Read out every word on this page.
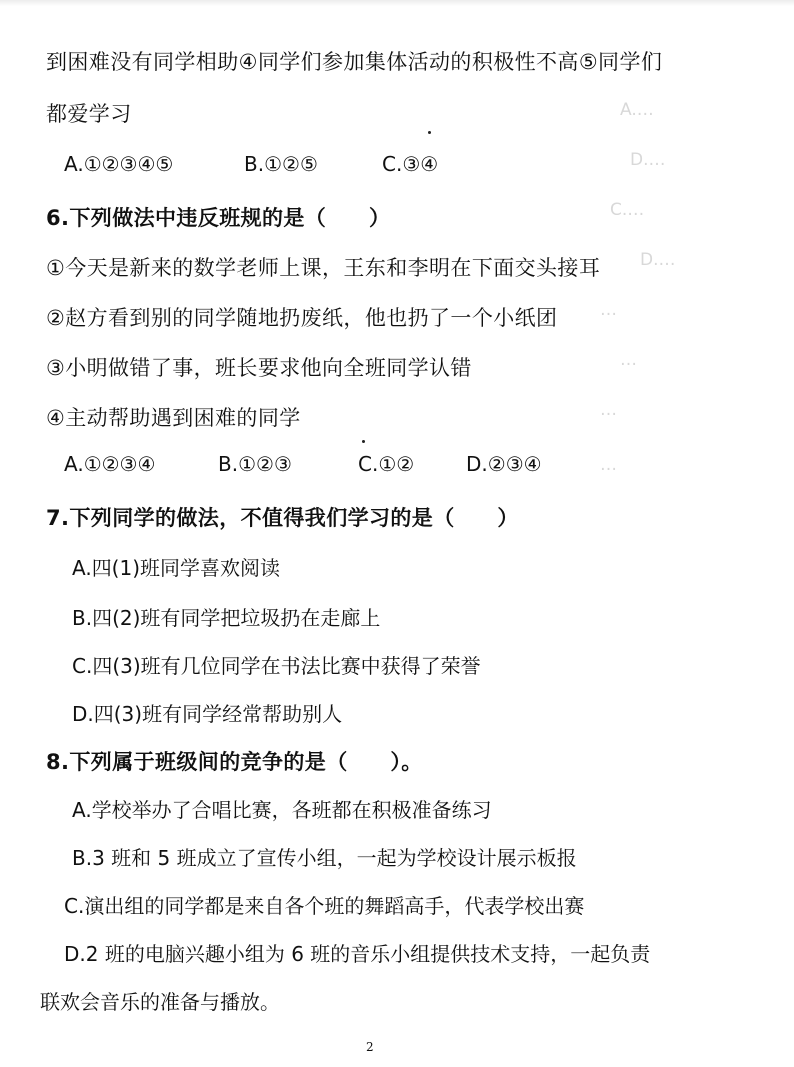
A.…
D.…
C.…
D.…
…
…
…
…
到困难没有同学相助④同学们参加集体活动的积极性不高⑤同学们
都爱学习
A.①②③④⑤	B.①②⑤	C.③④
6.下列做法中违反班规的是（　　）
①今天是新来的数学老师上课，王东和李明在下面交头接耳
②赵方看到别的同学随地扔废纸，他也扔了一个小纸团
③小明做错了事，班长要求他向全班同学认错
④主动帮助遇到困难的同学
A.①②③④	B.①②③	C.①②	D.②③④
7.下列同学的做法，不值得我们学习的是（　　）
A.四(1)班同学喜欢阅读
B.四(2)班有同学把垃圾扔在走廊上
C.四(3)班有几位同学在书法比赛中获得了荣誉
D.四(3)班有同学经常帮助别人
8.下列属于班级间的竞争的是（　　）。
A.学校举办了合唱比赛，各班都在积极准备练习
B.3 班和 5 班成立了宣传小组，一起为学校设计展示板报
C.演出组的同学都是来自各个班的舞蹈高手，代表学校出赛
D.2 班的电脑兴趣小组为 6 班的音乐小组提供技术支持，一起负责
联欢会音乐的准备与播放。
2
